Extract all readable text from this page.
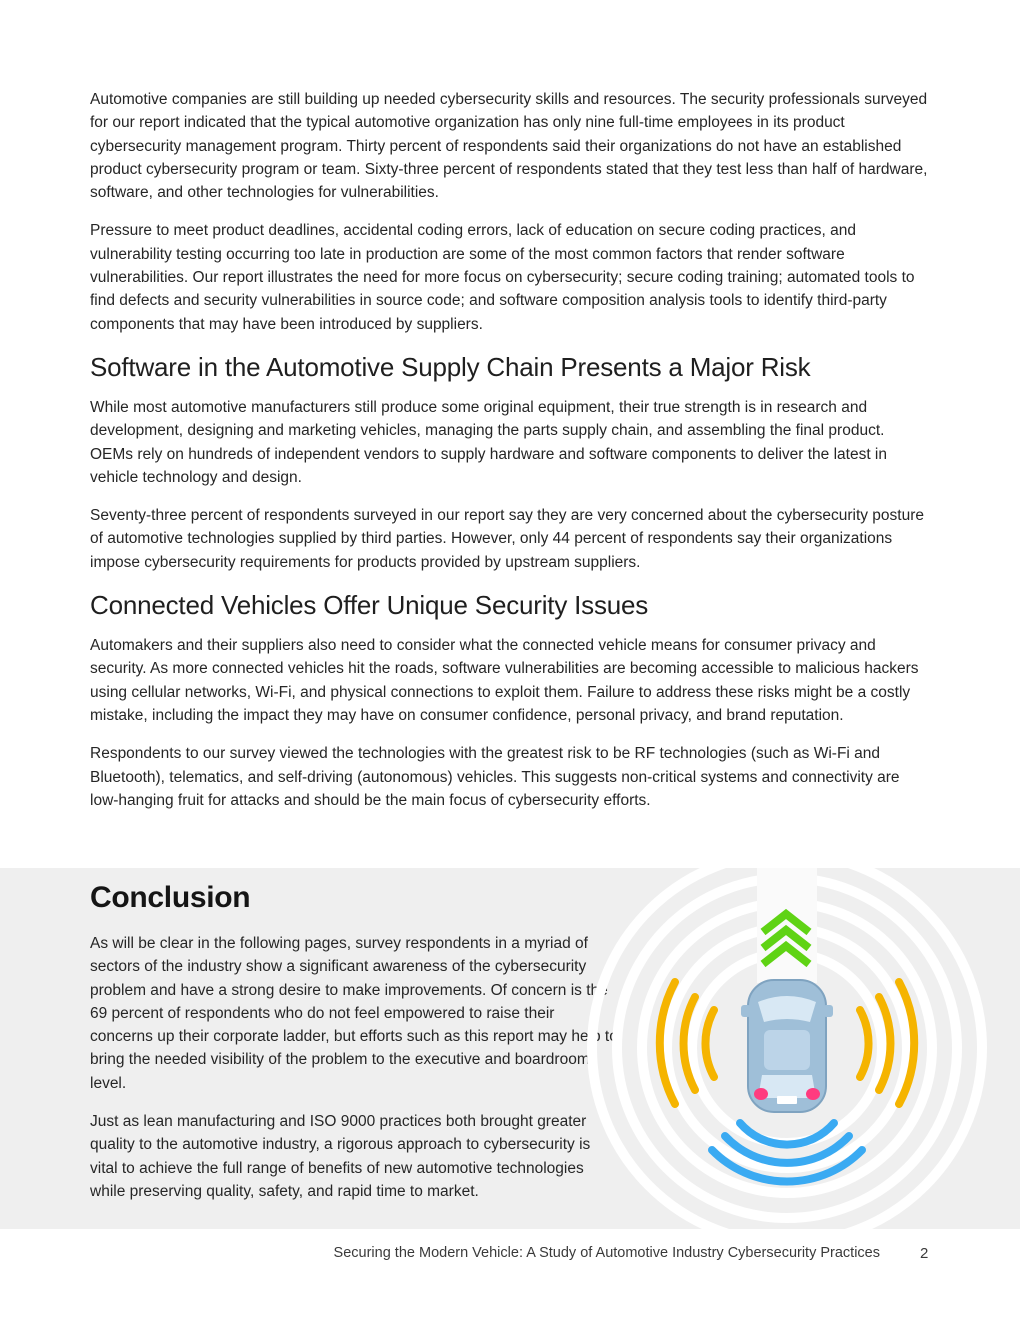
Automotive companies are still building up needed cybersecurity skills and resources. The security professionals surveyed for our report indicated that the typical automotive organization has only nine full-time employees in its product cybersecurity management program. Thirty percent of respondents said their organizations do not have an established product cybersecurity program or team. Sixty-three percent of respondents stated that they test less than half of hardware, software, and other technologies for vulnerabilities.

Pressure to meet product deadlines, accidental coding errors, lack of education on secure coding practices, and vulnerability testing occurring too late in production are some of the most common factors that render software vulnerabilities. Our report illustrates the need for more focus on cybersecurity; secure coding training; automated tools to find defects and security vulnerabilities in source code; and software composition analysis tools to identify third-party components that may have been introduced by suppliers.

Software in the Automotive Supply Chain Presents a Major Risk

While most automotive manufacturers still produce some original equipment, their true strength is in research and development, designing and marketing vehicles, managing the parts supply chain, and assembling the final product. OEMs rely on hundreds of independent vendors to supply hardware and software components to deliver the latest in vehicle technology and design.

Seventy-three percent of respondents surveyed in our report say they are very concerned about the cybersecurity posture of automotive technologies supplied by third parties. However, only 44 percent of respondents say their organizations impose cybersecurity requirements for products provided by upstream suppliers.

Connected Vehicles Offer Unique Security Issues

Automakers and their suppliers also need to consider what the connected vehicle means for consumer privacy and security. As more connected vehicles hit the roads, software vulnerabilities are becoming accessible to malicious hackers using cellular networks, Wi-Fi, and physical connections to exploit them. Failure to address these risks might be a costly mistake, including the impact they may have on consumer confidence, personal privacy, and brand reputation.

Respondents to our survey viewed the technologies with the greatest risk to be RF technologies (such as Wi-Fi and Bluetooth), telematics, and self-driving (autonomous) vehicles. This suggests non-critical systems and connectivity are low-hanging fruit for attacks and should be the main focus of cybersecurity efforts.

Conclusion

As will be clear in the following pages, survey respondents in a myriad of sectors of the industry show a significant awareness of the cybersecurity problem and have a strong desire to make improvements. Of concern is the 69 percent of respondents who do not feel empowered to raise their concerns up their corporate ladder, but efforts such as this report may help to bring the needed visibility of the problem to the executive and boardroom level.

Just as lean manufacturing and ISO 9000 practices both brought greater quality to the automotive industry, a rigorous approach to cybersecurity is vital to achieve the full range of benefits of new automotive technologies while preserving quality, safety, and rapid time to market.

Securing the Modern Vehicle: A Study of Automotive Industry Cybersecurity Practices	2
